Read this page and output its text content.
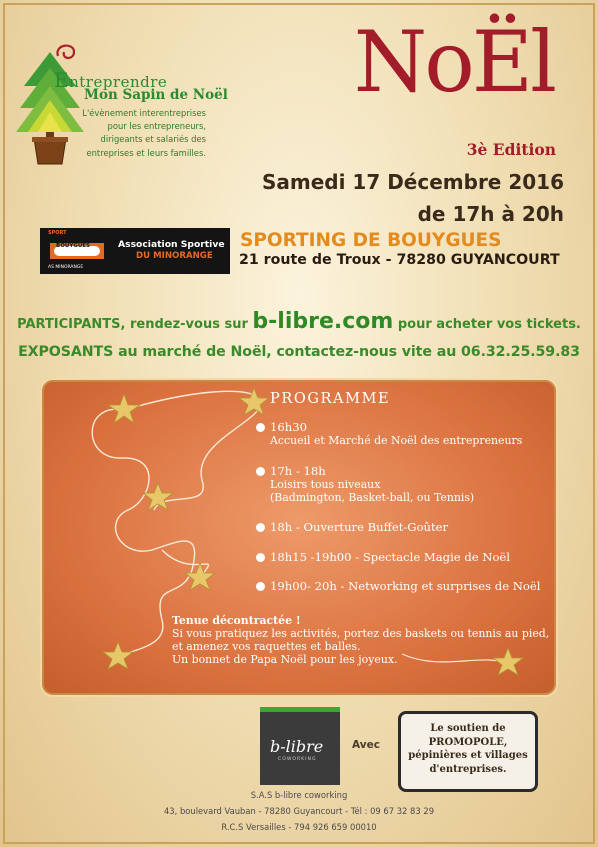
Entreprendre
Mon Sapin de Noël
L'évènement interentreprises
pour les entrepreneurs,
dirigeants et salariés des
entreprises et leurs familles.
NoËl
3è Edition
Samedi 17 Décembre 2016
de 17h à 20h
SPORT
BOUYGUES
AS MINORANGE
Association Sportive
DU MINORANGE
SPORTING DE BOUYGUES
21 route de Troux - 78280 GUYANCOURT
PARTICIPANTS, rendez-vous sur b-libre.com pour acheter vos tickets.
EXPOSANTS au marché de Noël, contactez-nous vite au 06.32.25.59.83
PROGRAMME
16h30
Accueil et Marché de Noël des entrepreneurs
17h - 18h
Loisirs tous niveaux
(Badmington, Basket-ball, ou Tennis)
18h - Ouverture Buffet-Goûter
18h15 -19h00 - Spectacle Magie de Noël
19h00- 20h - Networking et surprises de Noël
Tenue décontractée !
Si vous pratiquez les activités, portez des baskets ou tennis au pied,
et amenez vos raquettes et balles.
Un bonnet de Papa Noël pour les joyeux.
b-libre
COWORKING
Avec
Le soutien de
PROMOPOLE,
pépinières et villages
d'entreprises.
S.A.S b-libre coworking
43, boulevard Vauban - 78280 Guyancourt - Tél : 09 67 32 83 29
R.C.S Versailles - 794 926 659 00010
